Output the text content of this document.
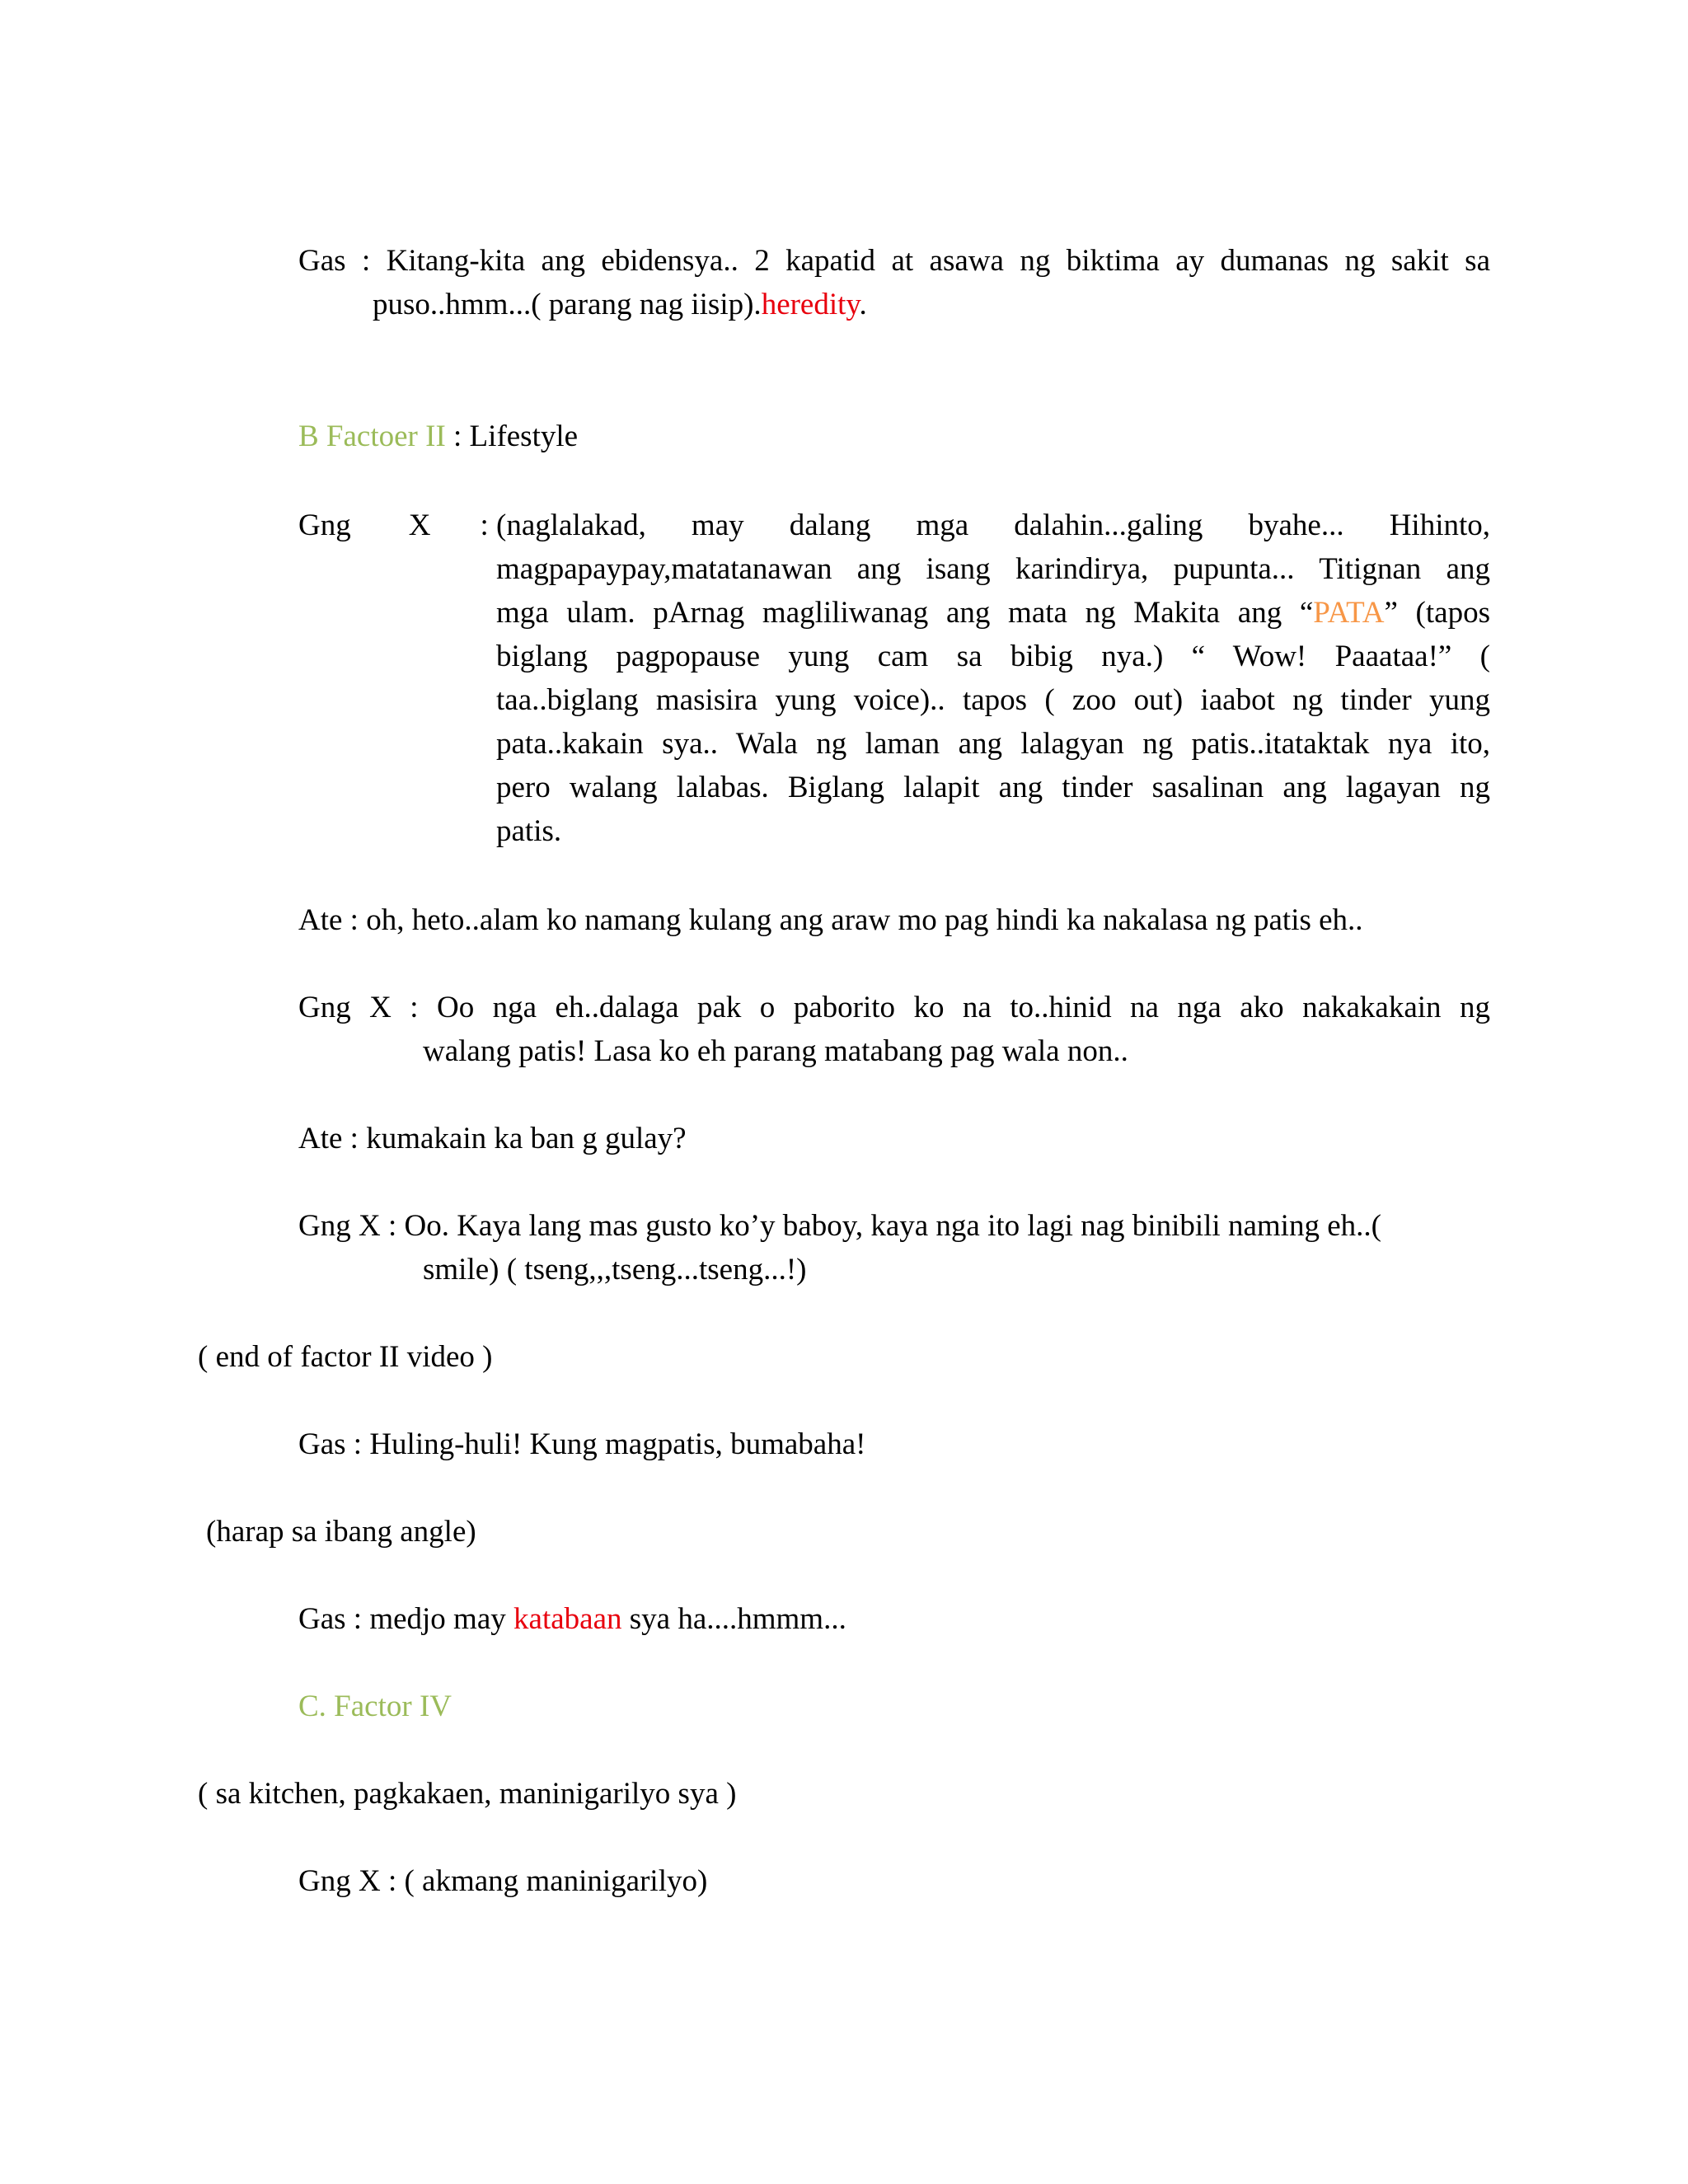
Gas : Kitang-kita ang ebidensya.. 2 kapatid at asawa ng biktima ay dumanas ng sakit sa
puso..hmm...( parang nag iisip).heredity.
B Factoer II : Lifestyle
Gng X : (naglalakad, may dalang mga dalahin...galing byahe... Hihinto,
magpapaypay,matatanawan ang isang karindirya, pupunta... Titignan ang
mga ulam. pArnag magliliwanag ang mata ng Makita ang “PATA” (tapos
biglang pagpopause yung cam sa bibig nya.) “ Wow! Paaataa!” (
taa..biglang masisira yung voice).. tapos ( zoo out) iaabot ng tinder yung
pata..kakain sya.. Wala ng laman ang lalagyan ng patis..itataktak nya ito,
pero walang lalabas. Biglang lalapit ang tinder sasalinan ang lagayan ng
patis.
Ate : oh, heto..alam ko namang kulang ang araw mo pag hindi ka nakalasa ng patis eh..
Gng X : Oo nga eh..dalaga pak o paborito ko na to..hinid na nga ako nakakakain ng
walang patis! Lasa ko eh parang matabang pag wala non..
Ate : kumakain ka ban g gulay?
Gng X : Oo. Kaya lang mas gusto ko’y baboy, kaya nga ito lagi nag binibili naming eh..(
smile) ( tseng,,,tseng...tseng...!)
( end of factor II video )
Gas : Huling-huli! Kung magpatis, bumabaha!
(harap sa ibang angle)
Gas : medjo may katabaan sya ha....hmmm...
C. Factor IV
( sa kitchen, pagkakaen, maninigarilyo sya )
Gng X : ( akmang maninigarilyo)
